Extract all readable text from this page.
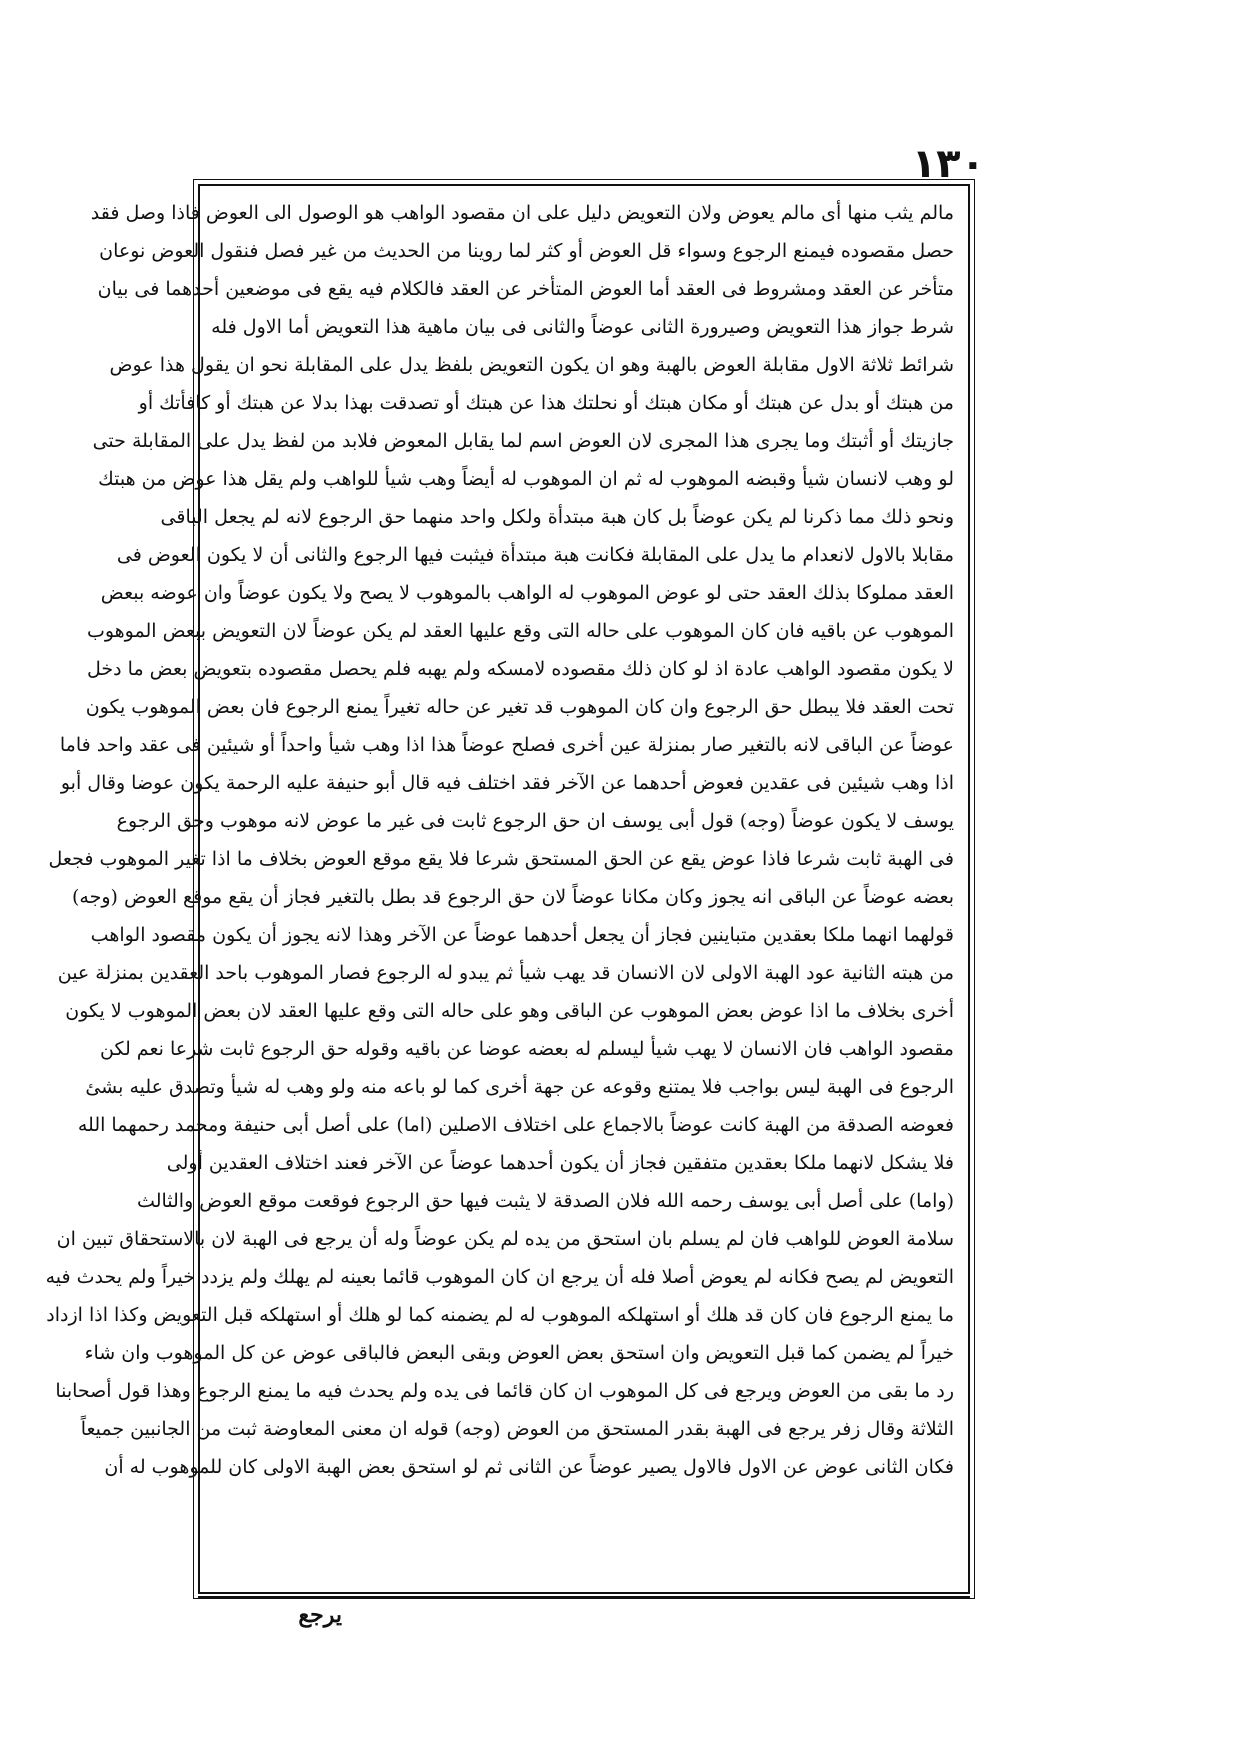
١٣٠
مالم يثب منها أى مالم يعوض ولان التعويض دليل على ان مقصود الواهب هو الوصول الى العوض فاذا وصل فقد
حصل مقصوده فيمنع الرجوع وسواء قل العوض أو كثر لما روينا من الحديث من غير فصل فنقول العوض نوعان
متأخر عن العقد ومشروط فى العقد أما العوض المتأخر عن العقد فالكلام فيه يقع فى موضعين أحدهما فى بيان
شرط جواز هذا التعويض وصيرورة الثانى عوضاً والثانى فى بيان ماهية هذا التعويض أما الاول فله
شرائط ثلاثة الاول مقابلة العوض بالهبة وهو ان يكون التعويض بلفظ يدل على المقابلة نحو ان يقول هذا عوض
من هبتك أو بدل عن هبتك أو مكان هبتك أو نحلتك هذا عن هبتك أو تصدقت بهذا بدلا عن هبتك أو كافأتك أو
جازيتك أو أثبتك وما يجرى هذا المجرى لان العوض اسم لما يقابل المعوض فلابد من لفظ يدل على المقابلة حتى
لو وهب لانسان شيأ وقبضه الموهوب له ثم ان الموهوب له أيضاً وهب شيأ للواهب ولم يقل هذا عوض من هبتك
ونحو ذلك مما ذكرنا لم يكن عوضاً بل كان هبة مبتدأة ولكل واحد منهما حق الرجوع لانه لم يجعل الباقى
مقابلا بالاول لانعدام ما يدل على المقابلة فكانت هبة مبتدأة فيثبت فيها الرجوع والثانى أن لا يكون العوض فى
العقد مملوكا بذلك العقد حتى لو عوض الموهوب له الواهب بالموهوب لا يصح ولا يكون عوضاً وان عوضه ببعض
الموهوب عن باقيه فان كان الموهوب على حاله التى وقع عليها العقد لم يكن عوضاً لان التعويض ببعض الموهوب
لا يكون مقصود الواهب عادة اذ لو كان ذلك مقصوده لامسكه ولم يهبه فلم يحصل مقصوده بتعويض بعض ما دخل
تحت العقد فلا يبطل حق الرجوع وان كان الموهوب قد تغير عن حاله تغيراً يمنع الرجوع فان بعض الموهوب يكون
عوضاً عن الباقى لانه بالتغير صار بمنزلة عين أخرى فصلح عوضاً هذا اذا وهب شيأ واحداً أو شيئين فى عقد واحد فاما
اذا وهب شيئين فى عقدين فعوض أحدهما عن الآخر فقد اختلف فيه قال أبو حنيفة عليه الرحمة يكون عوضا وقال أبو
يوسف لا يكون عوضاً (وجه) قول أبى يوسف ان حق الرجوع ثابت فى غير ما عوض لانه موهوب وحق الرجوع
فى الهبة ثابت شرعا فاذا عوض يقع عن الحق المستحق شرعا فلا يقع موقع العوض بخلاف ما اذا تغير الموهوب فجعل
بعضه عوضاً عن الباقى انه يجوز وكان مكانا عوضاً لان حق الرجوع قد بطل بالتغير فجاز أن يقع موقع العوض (وجه)
قولهما انهما ملكا بعقدين متباينين فجاز أن يجعل أحدهما عوضاً عن الآخر وهذا لانه يجوز أن يكون مقصود الواهب
من هبته الثانية عود الهبة الاولى لان الانسان قد يهب شيأ ثم يبدو له الرجوع فصار الموهوب باحد العقدين بمنزلة عين
أخرى بخلاف ما اذا عوض بعض الموهوب عن الباقى وهو على حاله التى وقع عليها العقد لان بعض الموهوب لا يكون
مقصود الواهب فان الانسان لا يهب شيأ ليسلم له بعضه عوضا عن باقيه وقوله حق الرجوع ثابت شرعا نعم لكن
الرجوع فى الهبة ليس بواجب فلا يمتنع وقوعه عن جهة أخرى كما لو باعه منه ولو وهب له شيأ وتصدق عليه بشئ
فعوضه الصدقة من الهبة كانت عوضاً بالاجماع على اختلاف الاصلين (اما) على أصل أبى حنيفة ومحمد رحمهما الله
فلا يشكل لانهما ملكا بعقدين متفقين فجاز أن يكون أحدهما عوضاً عن الآخر فعند اختلاف العقدين أولى
(واما) على أصل أبى يوسف رحمه الله فلان الصدقة لا يثبت فيها حق الرجوع فوقعت موقع العوض والثالث
سلامة العوض للواهب فان لم يسلم بان استحق من يده لم يكن عوضاً وله أن يرجع فى الهبة لان بالاستحقاق تبين ان
التعويض لم يصح فكانه لم يعوض أصلا فله أن يرجع ان كان الموهوب قائما بعينه لم يهلك ولم يزدد خيراً ولم يحدث فيه
ما يمنع الرجوع فان كان قد هلك أو استهلكه الموهوب له لم يضمنه كما لو هلك أو استهلكه قبل التعويض وكذا اذا ازداد
خيراً لم يضمن كما قبل التعويض وان استحق بعض العوض وبقى البعض فالباقى عوض عن كل الموهوب وان شاء
رد ما بقى من العوض ويرجع فى كل الموهوب ان كان قائما فى يده ولم يحدث فيه ما يمنع الرجوع وهذا قول أصحابنا
الثلاثة وقال زفر يرجع فى الهبة بقدر المستحق من العوض (وجه) قوله ان معنى المعاوضة ثبت من الجانبين جميعاً
فكان الثانى عوض عن الاول فالاول يصير عوضاً عن الثانى ثم لو استحق بعض الهبة الاولى كان للموهوب له أن
يرجع
